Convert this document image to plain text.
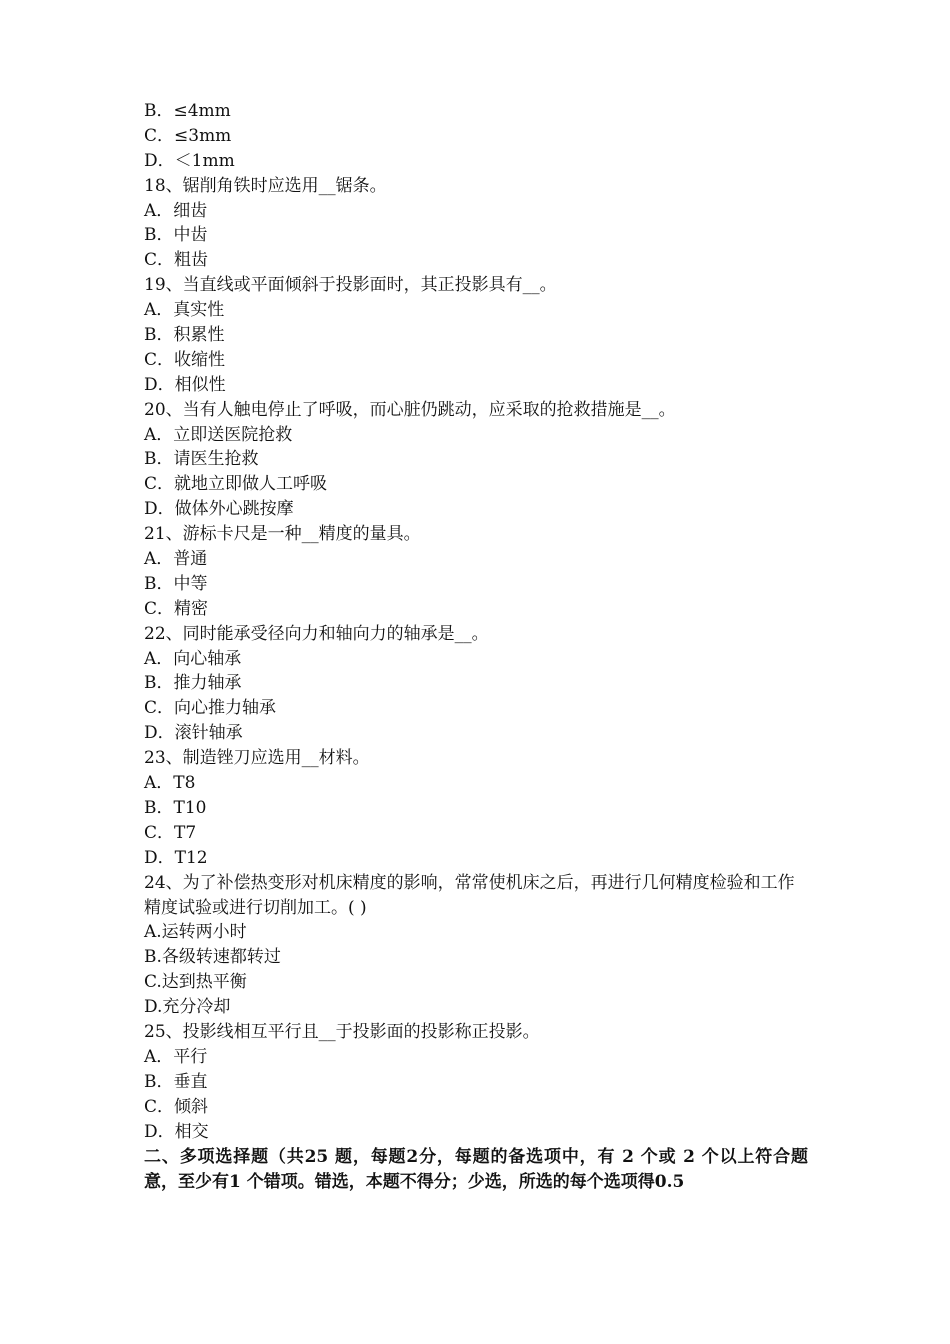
B．≤4mm
C．≤3mm
D．＜1mm
18、锯削角铁时应选用__锯条。
A．细齿
B．中齿
C．粗齿
19、当直线或平面倾斜于投影面时，其正投影具有__。
A．真实性
B．积累性
C．收缩性
D．相似性
20、当有人触电停止了呼吸，而心脏仍跳动，应采取的抢救措施是__。
A．立即送医院抢救
B．请医生抢救
C．就地立即做人工呼吸
D．做体外心跳按摩
21、游标卡尺是一种__精度的量具。
A．普通
B．中等
C．精密
22、同时能承受径向力和轴向力的轴承是__。
A．向心轴承
B．推力轴承
C．向心推力轴承
D．滚针轴承
23、制造锉刀应选用__材料。
A．T8
B．T10
C．T7
D．T12
24、为了补偿热变形对机床精度的影响，常常使机床之后，再进行几何精度检验和工作精度试验或进行切削加工。( )
A.运转两小时
B.各级转速都转过
C.达到热平衡
D.充分冷却
25、投影线相互平行且__于投影面的投影称正投影。
A．平行
B．垂直
C．倾斜
D．相交
二、多项选择题（共25 题，每题2分，每题的备选项中，有 2 个或 2 个以上符合题意，至少有1 个错项。错选，本题不得分；少选，所选的每个选项得0.5
